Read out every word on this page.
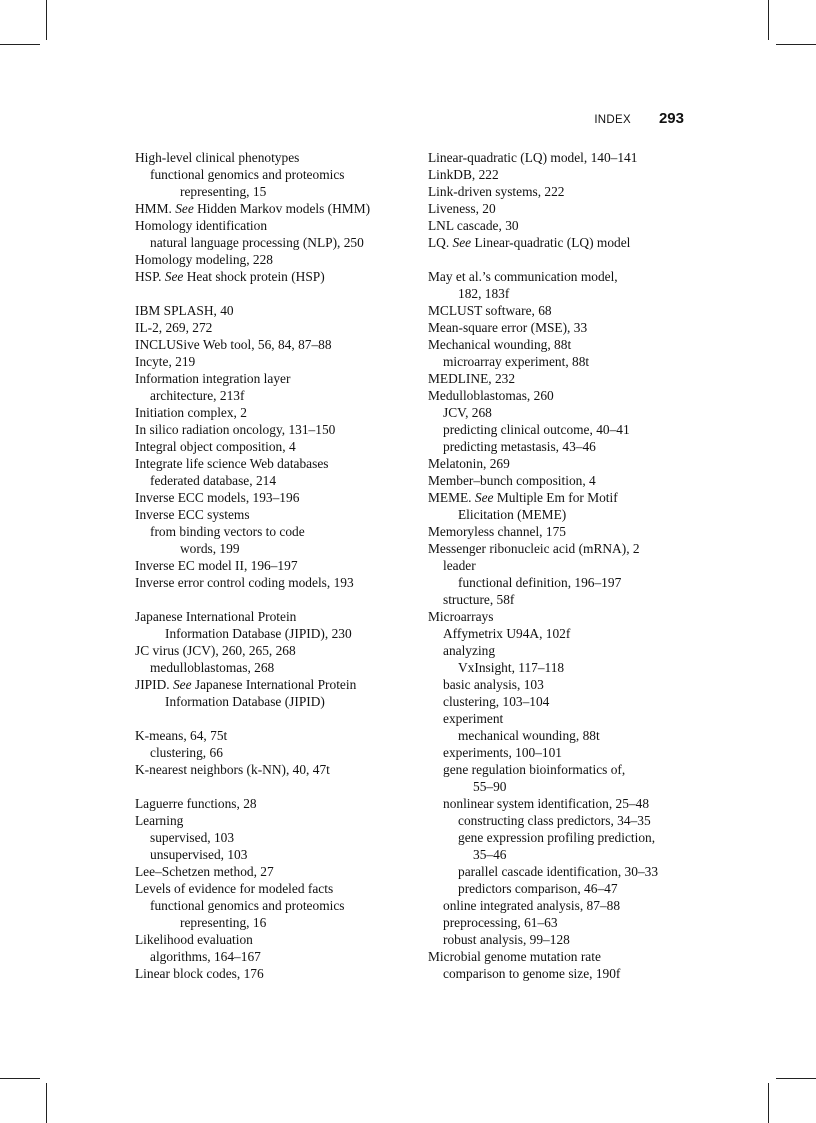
INDEX 293
High-level clinical phenotypes
functional genomics and proteomics
representing, 15
HMM. See Hidden Markov models (HMM)
Homology identification
natural language processing (NLP), 250
Homology modeling, 228
HSP. See Heat shock protein (HSP)
IBM SPLASH, 40
IL-2, 269, 272
INCLUSive Web tool, 56, 84, 87–88
Incyte, 219
Information integration layer
architecture, 213f
Initiation complex, 2
In silico radiation oncology, 131–150
Integral object composition, 4
Integrate life science Web databases
federated database, 214
Inverse ECC models, 193–196
Inverse ECC systems
from binding vectors to code
words, 199
Inverse EC model II, 196–197
Inverse error control coding models, 193
Japanese International Protein
Information Database (JIPID), 230
JC virus (JCV), 260, 265, 268
medulloblastomas, 268
JIPID. See Japanese International Protein
Information Database (JIPID)
K-means, 64, 75t
clustering, 66
K-nearest neighbors (k-NN), 40, 47t
Laguerre functions, 28
Learning
supervised, 103
unsupervised, 103
Lee–Schetzen method, 27
Levels of evidence for modeled facts
functional genomics and proteomics
representing, 16
Likelihood evaluation
algorithms, 164–167
Linear block codes, 176
Linear-quadratic (LQ) model, 140–141
LinkDB, 222
Link-driven systems, 222
Liveness, 20
LNL cascade, 30
LQ. See Linear-quadratic (LQ) model
May et al.’s communication model,
182, 183f
MCLUST software, 68
Mean-square error (MSE), 33
Mechanical wounding, 88t
microarray experiment, 88t
MEDLINE, 232
Medulloblastomas, 260
JCV, 268
predicting clinical outcome, 40–41
predicting metastasis, 43–46
Melatonin, 269
Member–bunch composition, 4
MEME. See Multiple Em for Motif
Elicitation (MEME)
Memoryless channel, 175
Messenger ribonucleic acid (mRNA), 2
leader
functional definition, 196–197
structure, 58f
Microarrays
Affymetrix U94A, 102f
analyzing
VxInsight, 117–118
basic analysis, 103
clustering, 103–104
experiment
mechanical wounding, 88t
experiments, 100–101
gene regulation bioinformatics of,
55–90
nonlinear system identification, 25–48
constructing class predictors, 34–35
gene expression profiling prediction,
35–46
parallel cascade identification, 30–33
predictors comparison, 46–47
online integrated analysis, 87–88
preprocessing, 61–63
robust analysis, 99–128
Microbial genome mutation rate
comparison to genome size, 190f
